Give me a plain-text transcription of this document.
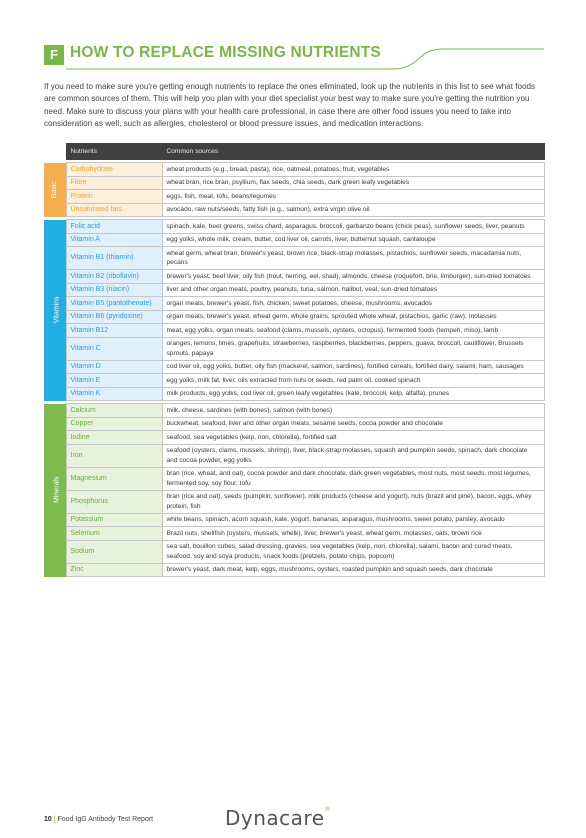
F HOW TO REPLACE MISSING NUTRIENTS

If you need to make sure you're getting enough nutrients to replace the ones eliminated, look up the nutrients in this list to see what foods are common sources of them. This will help you plan with your diet specialist your best way to make sure you're getting the nutrition you need. Make sure to discuss your plans with your health care professional, in case there are other food issues you need to take into consideration as well, such as allergies, cholesterol or blood pressure issues, and medication interactions.

	Nutrients	Common sources

Basic	Carbohydrate	wheat products (e.g., bread, pasta), rice, oatmeal, potatoes, fruit, vegetables
	Fibre	wheat bran, rice bran, psyllium, flax seeds, chia seeds, dark green leafy vegetables
	Protein	eggs, fish, meat, tofu, beans/legumes
	Unsaturated fats	avocado, raw nuts/seeds, fatty fish (e.g., salmon), extra virgin olive oil

Vitamins	Folic acid	spinach, kale, beet greens, swiss chard, asparagus, broccoli, garbanzo beans (chick peas), sunflower seeds, liver, peanuts
	Vitamin A	egg yolks, whole milk, cream, butter, cod liver oil, carrots, liver, butternut squash, cantaloupe
	Vitamin B1 (thiamin)	wheat germ, wheat bran, brewer's yeast, brown rice, black-strap molasses, pistachios, sunflower seeds, macadamia nuts, pecans
	Vitamin B2 (riboflavin)	brewer's yeast, beef liver, oily fish (trout, herring, eel, shad), almonds, cheese (roquefort, brie, limburger), sun-dried tomatoes
	Vitamin B3 (niacin)	liver and other organ meats, poultry, peanuts, tuna, salmon, halibut, veal, sun-dried tomatoes
	Vitamin B5 (pantothenate)	organ meats, brewer's yeast, fish, chicken, sweet potatoes, cheese, mushrooms, avocados
	Vitamin B6 (pyridoxine)	organ meats, brewer's yeast, wheat germ, whole grains, sprouted whole wheat, pistachios, garlic (raw), molasses
	Vitamin B12	meat, egg yolks, organ meats, seafood (clams, mussels, oysters, octopus), fermented foods (tempeh, miso), lamb
	Vitamin C	oranges, lemons, limes, grapefruits, strawberries, raspberries, blackberries, peppers, guava, broccoli, cauliflower, Brussels sprouts, papaya
	Vitamin D	cod liver oil, egg yolks, butter, oily fish (mackerel, salmon, sardines), fortified cereals, fortified dairy, salami, ham, sausages
	Vitamin E	egg yolks, milk fat, liver, oils extracted from nuts or seeds, red palm oil, cooked spinach
	Vitamin K	milk products, egg yolks, cod liver oil, green leafy vegetables (kale, broccoli, kelp, alfalfa), prunes

Minerals	Calcium	milk, cheese, sardines (with bones), salmon (with bones)
	Copper	buckwheat, seafood, liver and other organ meats, sesame seeds, cocoa powder and chocolate
	Iodine	seafood, sea vegetables (kelp, nori, chlorella), fortified salt
	Iron	seafood (oysters, clams, mussels, shrimp), liver, black-strap molasses, squash and pumpkin seeds, spinach, dark chocolate and cocoa powder, egg yolks
	Magnesium	bran (rice, wheat, and oat), cocoa powder and dark chocolate, dark green vegetables, most nuts, most seeds, most legumes, fermented soy, soy flour, tofu
	Phosphorus	bran (rice and oat), seeds (pumpkin, sunflower), milk products (cheese and yogurt), nuts (brazil and pine), bacon, eggs, whey protein, fish
	Potassium	white beans, spinach, acorn squash, kale, yogurt, bananas, asparagus, mushrooms, sweet potato, parsley, avocado
	Selenium	Brazil nuts, shellfish (oysters, mussels, whelk), liver, brewer's yeast, wheat germ, molasses, oats, brown rice
	Sodium	sea salt, bouillon cubes, salad dressing, gravies, sea vegetables (kelp, nori, chlorella), salami, bacon and cured meats, seafood, soy and soya products, snack foods (pretzels, potato chips, popcorn)
	Zinc	brewer's yeast, dark meat, kelp, eggs, mushrooms, oysters, roasted pumpkin and squash seeds, dark chocolate
10 | Food IgG Antibody Test Report	Dynacare®
